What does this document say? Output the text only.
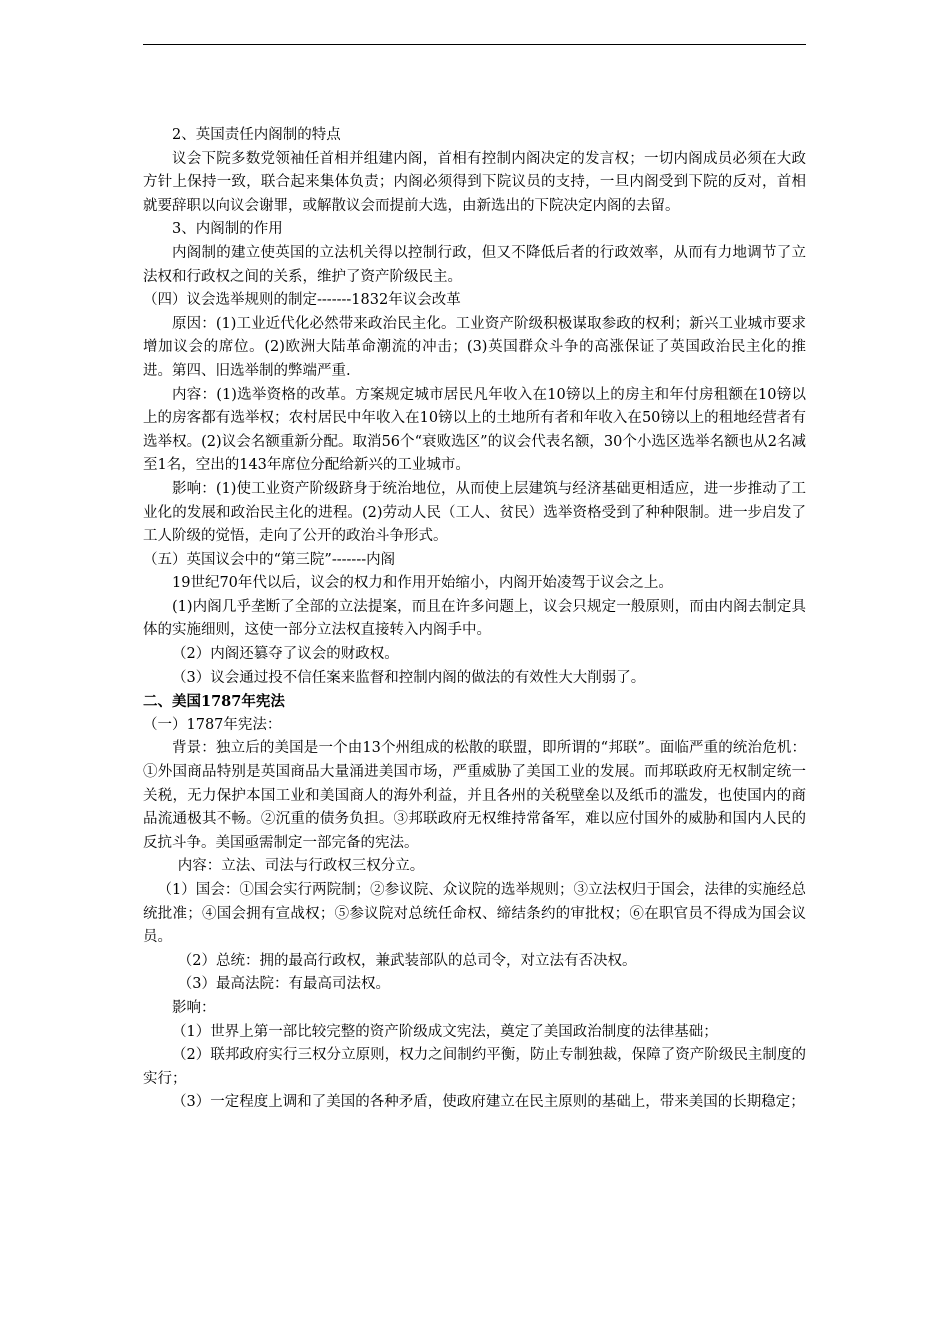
2、英国责任内阁制的特点

议会下院多数党领袖任首相并组建内阁，首相有控制内阁决定的发言权；一切内阁成员必须在大政方针上保持一致，联合起来集体负责；内阁必须得到下院议员的支持，一旦内阁受到下院的反对，首相就要辞职以向议会谢罪，或解散议会而提前大选，由新选出的下院决定内阁的去留。

3、内阁制的作用

内阁制的建立使英国的立法机关得以控制行政，但又不降低后者的行政效率，从而有力地调节了立法权和行政权之间的关系，维护了资产阶级民主。

（四）议会选举规则的制定-------1832年议会改革

原因：(1)工业近代化必然带来政治民主化。工业资产阶级积极谋取参政的权利；新兴工业城市要求增加议会的席位。(2)欧洲大陆革命潮流的冲击；(3)英国群众斗争的高涨保证了英国政治民主化的推进。第四、旧选举制的弊端严重.

内容：(1)选举资格的改革。方案规定城市居民凡年收入在10镑以上的房主和年付房租额在10镑以上的房客都有选举权；农村居民中年收入在10镑以上的土地所有者和年收入在50镑以上的租地经营者有选举权。(2)议会名额重新分配。取消56个“衰败选区”的议会代表名额，30个小选区选举名额也从2名减至1名，空出的143年席位分配给新兴的工业城市。

影响：(1)使工业资产阶级跻身于统治地位，从而使上层建筑与经济基础更相适应，进一步推动了工业化的发展和政治民主化的进程。(2)劳动人民（工人、贫民）选举资格受到了种种限制。进一步启发了工人阶级的觉悟，走向了公开的政治斗争形式。

（五）英国议会中的“第三院”-------内阁

19世纪70年代以后，议会的权力和作用开始缩小，内阁开始凌驾于议会之上。

(1)内阁几乎垄断了全部的立法提案，而且在许多问题上，议会只规定一般原则，而由内阁去制定具体的实施细则，这使一部分立法权直接转入内阁手中。

（2）内阁还篡夺了议会的财政权。

（3）议会通过投不信任案来监督和控制内阁的做法的有效性大大削弱了。

二、美国1787年宪法

（一）1787年宪法：

背景：独立后的美国是一个由13个州组成的松散的联盟，即所谓的“邦联”。面临严重的统治危机：①外国商品特别是英国商品大量涌进美国市场，严重威胁了美国工业的发展。而邦联政府无权制定统一关税，无力保护本国工业和美国商人的海外利益，并且各州的关税壁垒以及纸币的滥发，也使国内的商品流通极其不畅。②沉重的债务负担。③邦联政府无权维持常备军，难以应付国外的威胁和国内人民的反抗斗争。美国亟需制定一部完备的宪法。

内容：立法、司法与行政权三权分立。

（1）国会：①国会实行两院制；②参议院、众议院的选举规则；③立法权归于国会，法律的实施经总统批准；④国会拥有宣战权；⑤参议院对总统任命权、缔结条约的审批权；⑥在职官员不得成为国会议员。

（2）总统：拥的最高行政权，兼武装部队的总司令，对立法有否决权。

（3）最高法院：有最高司法权。

影响：

（1）世界上第一部比较完整的资产阶级成文宪法，奠定了美国政治制度的法律基础；

（2）联邦政府实行三权分立原则，权力之间制约平衡，防止专制独裁，保障了资产阶级民主制度的实行；

（3）一定程度上调和了美国的各种矛盾，使政府建立在民主原则的基础上，带来美国的长期稳定；
